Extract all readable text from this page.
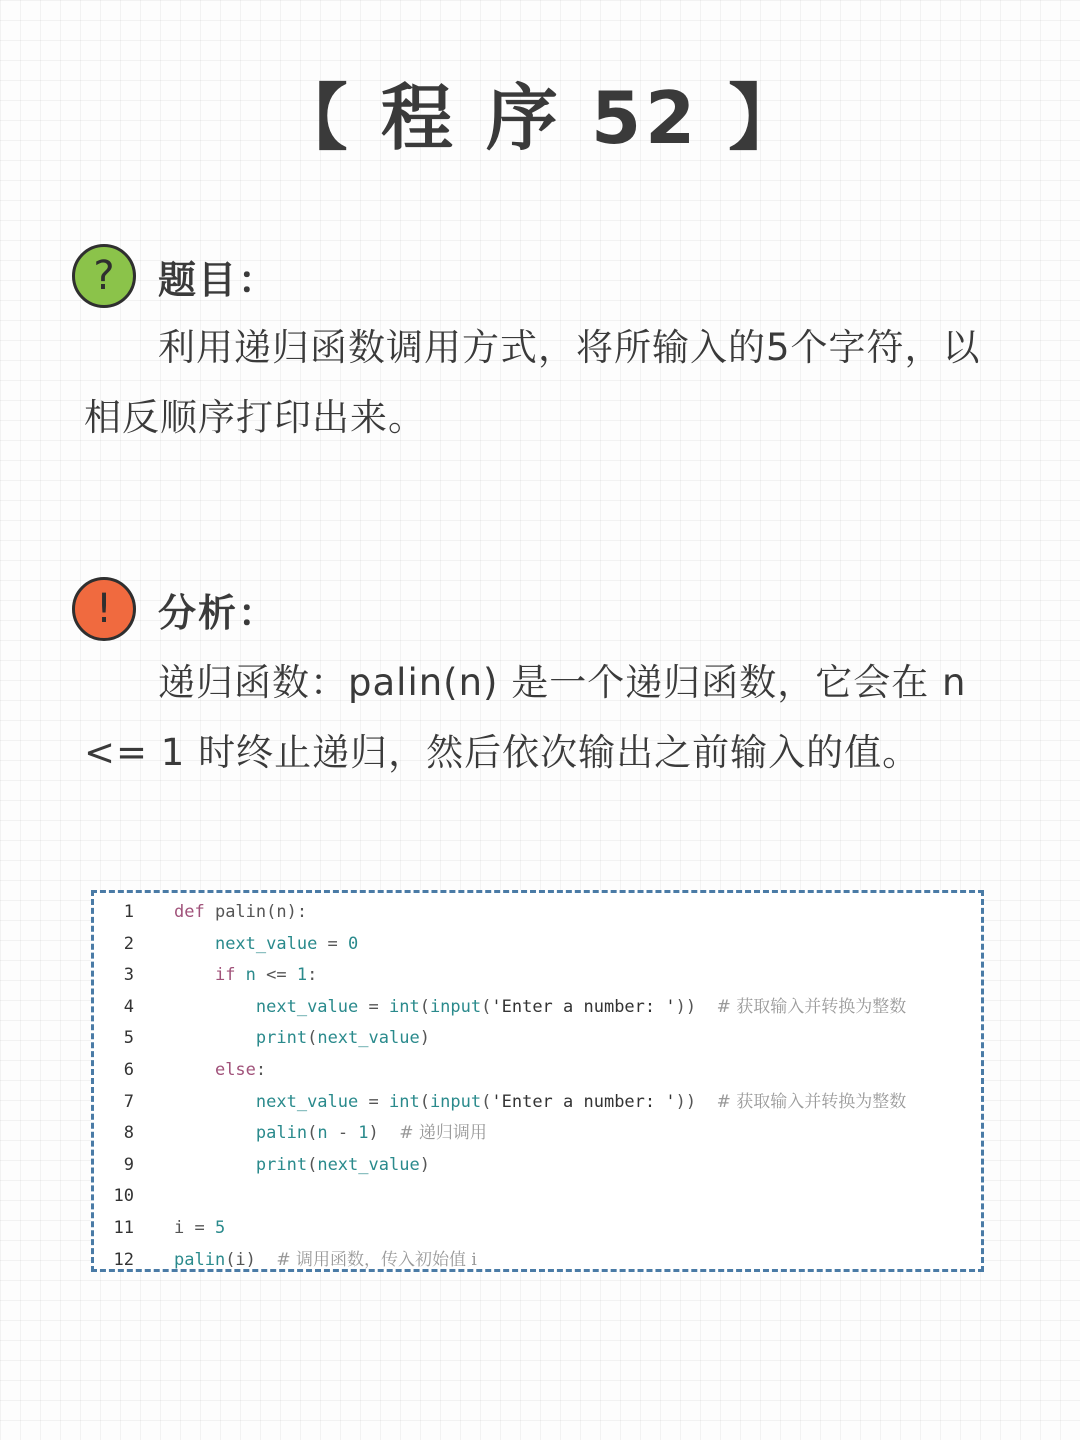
【 程 序 52 】
?	题目：
利用递归函数调用方式，将所输入的5个字符，以相反顺序打印出来。
!	分析：
递归函数：palin(n) 是一个递归函数，它会在 n <= 1 时终止递归，然后依次输出之前输入的值。
1 def palin(n):
2	next_value = 0
3	if n <= 1:
4	next_value = int(input('Enter a number: '))  # 获取输入并转换为整数
5	print(next_value)
6	else:
7	next_value = int(input('Enter a number: '))  # 获取输入并转换为整数
8	palin(n - 1)  # 递归调用
9	print(next_value)
10
11 i = 5
12 palin(i)  # 调用函数，传入初始值 i
